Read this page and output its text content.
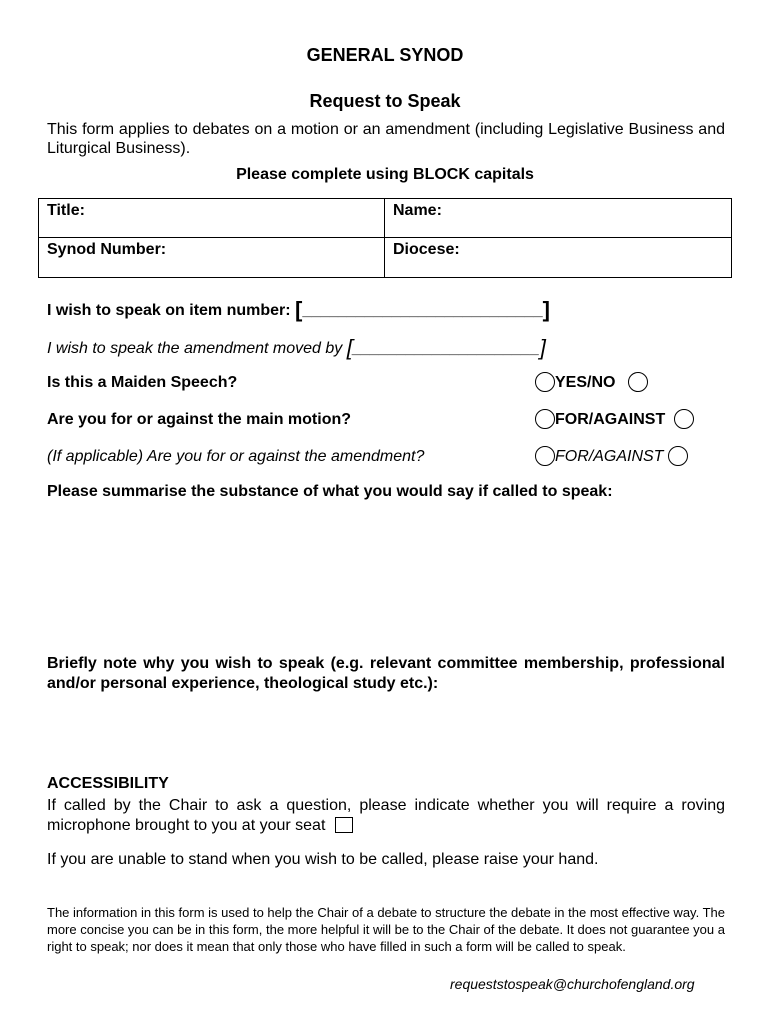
GENERAL SYNOD
Request to Speak
This form applies to debates on a motion or an amendment (including Legislative Business and Liturgical Business).
Please complete using BLOCK capitals
Title:	Name:
Synod Number:	Diocese:
I wish to speak on item number: [___________________________]
I wish to speak the amendment moved by [_____________________]
Is this a Maiden Speech?	YES/NO
Are you for or against the main motion?	FOR/AGAINST
(If applicable) Are you for or against the amendment?	FOR/AGAINST
Please summarise the substance of what you would say if called to speak:
Briefly note why you wish to speak (e.g. relevant committee membership, professional and/or personal experience, theological study etc.):
ACCESSIBILITY
If called by the Chair to ask a question, please indicate whether you will require a roving microphone brought to you at your seat
If you are unable to stand when you wish to be called, please raise your hand.
The information in this form is used to help the Chair of a debate to structure the debate in the most effective way. The more concise you can be in this form, the more helpful it will be to the Chair of the debate. It does not guarantee you a right to speak; nor does it mean that only those who have filled in such a form will be called to speak.
requeststospeak@churchofengland.org
